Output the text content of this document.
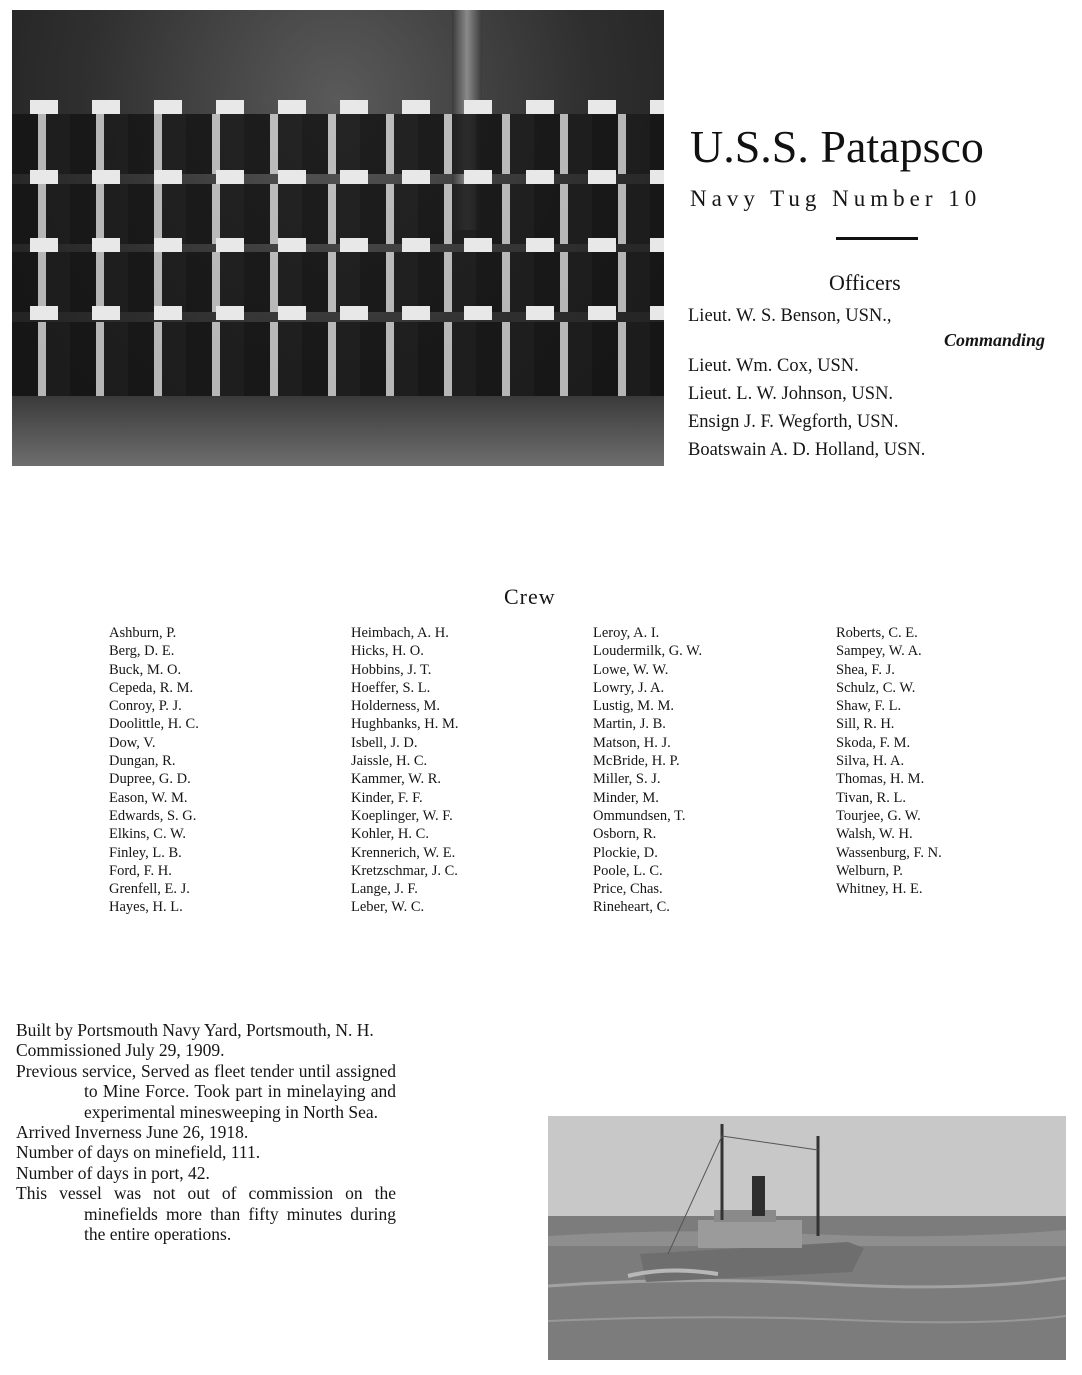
U.S.S. Patapsco
Navy Tug Number 10
Officers
Lieut. W. S. Benson, USN.,
Commanding
Lieut. Wm. Cox, USN.
Lieut. L. W. Johnson, USN.
Ensign J. F. Wegforth, USN.
Boatswain A. D. Holland, USN.
Crew
Ashburn, P.
Berg, D. E.
Buck, M. O.
Cepeda, R. M.
Conroy, P. J.
Doolittle, H. C.
Dow, V.
Dungan, R.
Dupree, G. D.
Eason, W. M.
Edwards, S. G.
Elkins, C. W.
Finley, L. B.
Ford, F. H.
Grenfell, E. J.
Hayes, H. L.
Heimbach, A. H.
Hicks, H. O.
Hobbins, J. T.
Hoeffer, S. L.
Holderness, M.
Hughbanks, H. M.
Isbell, J. D.
Jaissle, H. C.
Kammer, W. R.
Kinder, F. F.
Koeplinger, W. F.
Kohler, H. C.
Krennerich, W. E.
Kretzschmar, J. C.
Lange, J. F.
Leber, W. C.
Leroy, A. I.
Loudermilk, G. W.
Lowe, W. W.
Lowry, J. A.
Lustig, M. M.
Martin, J. B.
Matson, H. J.
McBride, H. P.
Miller, S. J.
Minder, M.
Ommundsen, T.
Osborn, R.
Plockie, D.
Poole, L. C.
Price, Chas.
Rineheart, C.
Roberts, C. E.
Sampey, W. A.
Shea, F. J.
Schulz, C. W.
Shaw, F. L.
Sill, R. H.
Skoda, F. M.
Silva, H. A.
Thomas, H. M.
Tivan, R. L.
Tourjee, G. W.
Walsh, W. H.
Wassenburg, F. N.
Welburn, P.
Whitney, H. E.
Built by Portsmouth Navy Yard, Portsmouth, N. H.
Commissioned July 29, 1909.
Previous service, Served as fleet tender until assigned to Mine Force. Took part in minelaying and experimental minesweeping in North Sea.
Arrived Inverness June 26, 1918.
Number of days on minefield, 111.
Number of days in port, 42.
This vessel was not out of commission on the minefields more than fifty minutes during the entire operations.
